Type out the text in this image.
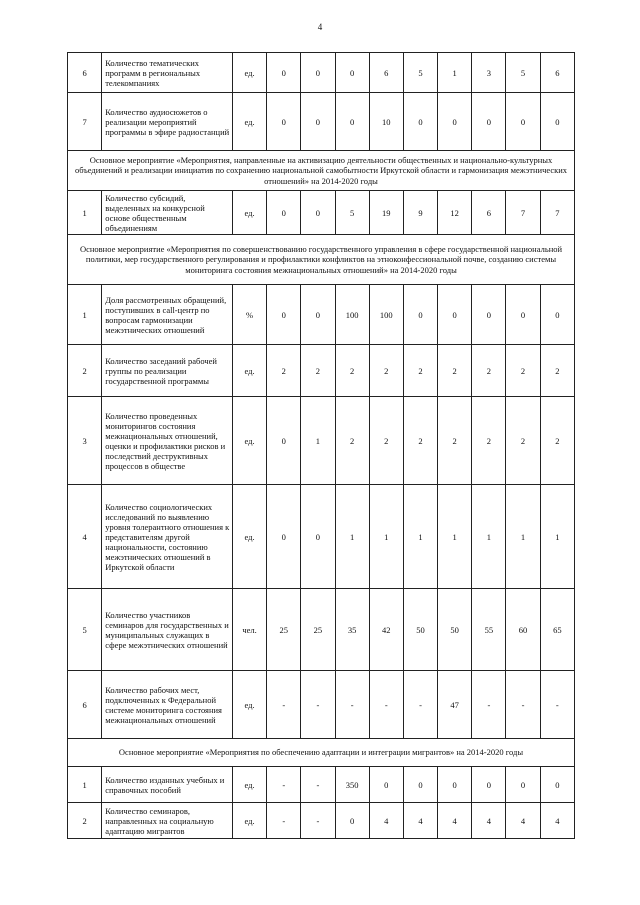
4
6	Количество тематических программ в региональных телекомпаниях	ед.	0	0	0	6	5	1	3	5	6
7	Количество аудиосюжетов о реализации мероприятий программы в эфире радиостанций	ед.	0	0	0	10	0	0	0	0	0
Основное мероприятие «Мероприятия, направленные на активизацию деятельности общественных и национально-культурных объединений и реализации инициатив по сохранению национальной самобытности Иркутской области и гармонизация межэтнических отношений» на 2014-2020 годы											
1	Количество субсидий, выделенных на конкурсной основе общественным объединениям	ед.	0	0	5	19	9	12	6	7	7
Основное мероприятие «Мероприятия по совершенствованию государственного управления в сфере государственной национальной политики, мер государственного регулирования и профилактики конфликтов на этноконфессиональной почве, созданию системы мониторинга состояния межнациональных отношений» на 2014-2020 годы											
1	Доля рассмотренных обращений, поступивших в call-центр по вопросам гармонизации межэтнических отношений	%	0	0	100	100	0	0	0	0	0
2	Количество заседаний рабочей группы по реализации государственной программы	ед.	2	2	2	2	2	2	2	2	2
3	Количество проведенных мониторингов состояния межнациональных отношений, оценки и профилактики рисков и последствий деструктивных процессов в обществе	ед.	0	1	2	2	2	2	2	2	2
4	Количество социологических исследований по выявлению уровня толерантного отношения к представителям другой национальности, состоянию межэтнических отношений в Иркутской области	ед.	0	0	1	1	1	1	1	1	1
5	Количество участников семинаров для государственных и муниципальных служащих в сфере межэтнических отношений	чел.	25	25	35	42	50	50	55	60	65
6	Количество рабочих мест, подключенных к Федеральной системе мониторинга состояния межнациональных отношений	ед.	-	-	-	-	-	47	-	-	-
Основное мероприятие «Мероприятия по обеспечению адаптации и интеграции мигрантов» на 2014-2020 годы											
1	Количество изданных учебных и справочных пособий	ед.	-	-	350	0	0	0	0	0	0
2	Количество семинаров, направленных на социальную адаптацию мигрантов	ед.	-	-	0	4	4	4	4	4	4
